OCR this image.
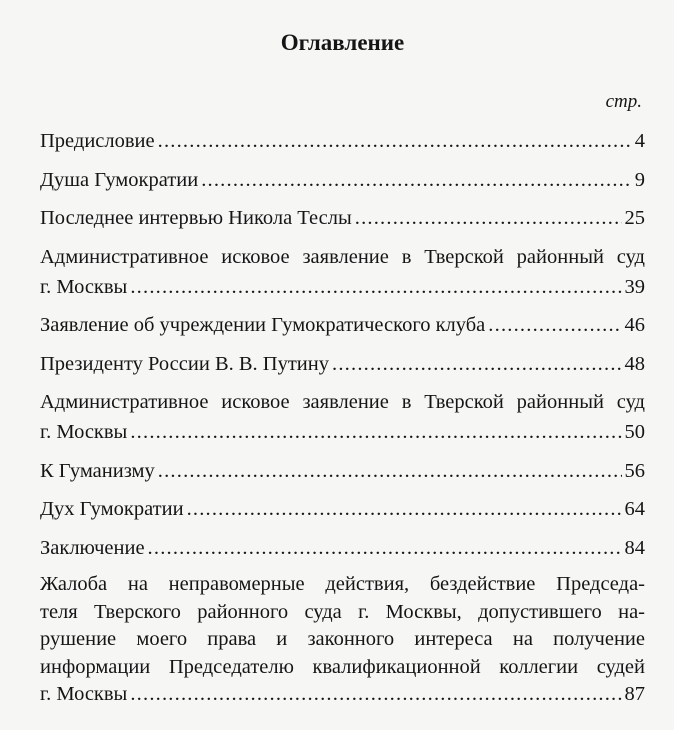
Оглавление
стр.
Предисловие .....	4
Душа Гумократии .....	9
Последнее интервью Никола Теслы .....	25
Административное исковое заявление в Тверской районный суд
г. Москвы .....	39
Заявление об учреждении Гумократического клуба .....	46
Президенту России В. В. Путину .....	48
Административное исковое заявление в Тверской районный суд
г. Москвы .....	50
К Гуманизму .....	56
Дух Гумократии .....	64
Заключение .....	84
Жалоба на неправомерные действия, бездействие Председа-
теля Тверского районного суда г. Москвы, допустившего на-
рушение моего права и законного интереса на получение
информации Председателю квалификационной коллегии судей
г. Москвы .....	87
